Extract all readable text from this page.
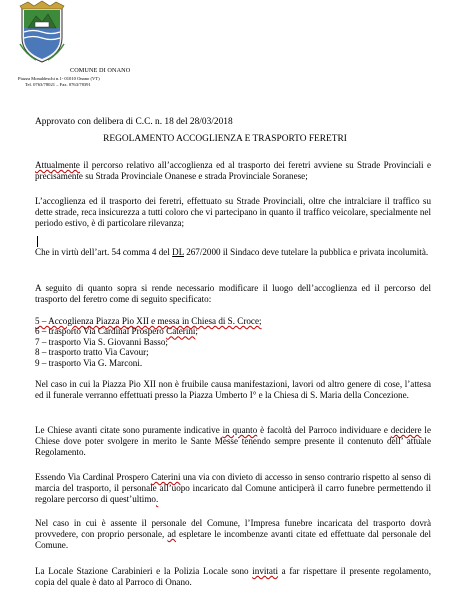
COMUNE DI ONANO
Piazza Monaldeschi n.1- 01010 Onano (VT)
Tel. 0763/78021 – Fax. 0763/78391
Approvato con delibera di C.C. n. 18 del 28/03/2018
REGOLAMENTO ACCOGLIENZA E TRASPORTO FERETRI

Attualmente il percorso relativo all’accoglienza ed al trasporto dei feretri avviene su Strade Provinciali e precisamente su Strada Provinciale Onanese e strada Provinciale Soranese;

L’accoglienza ed il trasporto dei feretri, effettuato su Strade Provinciali, oltre che intralciare il traffico su dette strade, reca insicurezza a tutti coloro che vi partecipano in quanto il traffico veicolare, specialmente nel periodo estivo, è di particolare rilevanza;

Che in virtù dell’art. 54 comma 4 del DL 267/2000 il Sindaco deve tutelare la pubblica e privata incolumità.

A seguito di quanto sopra si rende necessario modificare il luogo dell’accoglienza ed il percorso del trasporto del feretro come di seguito specificato:

5 – Accoglienza Piazza Pio XII e messa in Chiesa di S. Croce;
6 – trasporto Via Cardinal Prospero Caterini;
7 – trasporto Via S. Giovanni Basso;
8 – trasporto tratto Via Cavour;
9 – trasporto Via G. Marconi.

Nel caso in cui la Piazza Pio XII non è fruibile causa manifestazioni, lavori od altro genere di cose, l’attesa ed il funerale verranno effettuati presso la Piazza Umberto I° e la Chiesa di S. Maria della Concezione.

Le Chiese avanti citate sono puramente indicative in quanto è facoltà del Parroco individuare e decidere le Chiese dove poter svolgere in merito le Sante Messe tenendo sempre presente il contenuto dell’ attuale Regolamento.

Essendo Via Cardinal Prospero Caterini una via con divieto di accesso in senso contrario rispetto al senso di marcia del trasporto, il personale all’uopo incaricato dal Comune anticiperà il carro funebre permettendo il regolare percorso di quest’ultimo.

Nel caso in cui è assente il personale del Comune, l’Impresa funebre incaricata del trasporto dovrà provvedere, con proprio personale, ad espletare le incombenze avanti citate ed effettuate dal personale del Comune.

La Locale Stazione Carabinieri e la Polizia Locale sono invitati a far rispettare il presente regolamento, copia del quale è dato al Parroco di Onano.
